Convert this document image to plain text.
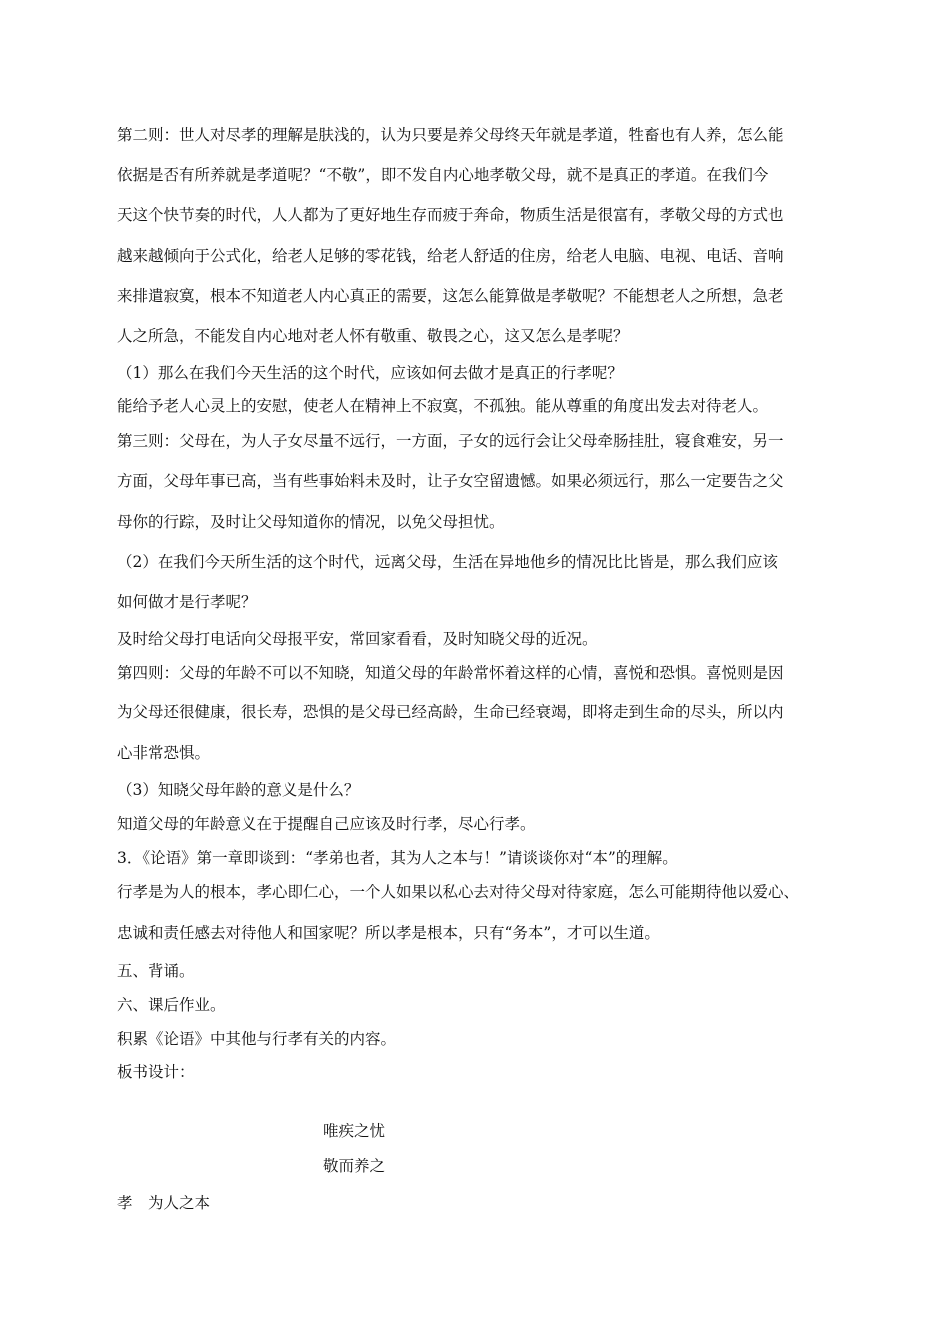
第二则：世人对尽孝的理解是肤浅的，认为只要是养父母终天年就是孝道，牲畜也有人养，怎么能
依据是否有所养就是孝道呢？“不敬”，即不发自内心地孝敬父母，就不是真正的孝道。在我们今
天这个快节奏的时代，人人都为了更好地生存而疲于奔命，物质生活是很富有，孝敬父母的方式也
越来越倾向于公式化，给老人足够的零花钱，给老人舒适的住房，给老人电脑、电视、电话、音响
来排遣寂寞，根本不知道老人内心真正的需要，这怎么能算做是孝敬呢？不能想老人之所想，急老
人之所急，不能发自内心地对老人怀有敬重、敬畏之心，这又怎么是孝呢？
（1）那么在我们今天生活的这个时代，应该如何去做才是真正的行孝呢？
能给予老人心灵上的安慰，使老人在精神上不寂寞，不孤独。能从尊重的角度出发去对待老人。
第三则：父母在，为人子女尽量不远行，一方面，子女的远行会让父母牵肠挂肚，寝食难安，另一
方面，父母年事已高，当有些事始料未及时，让子女空留遗憾。如果必须远行，那么一定要告之父
母你的行踪，及时让父母知道你的情况，以免父母担忧。
（2）在我们今天所生活的这个时代，远离父母，生活在异地他乡的情况比比皆是，那么我们应该
如何做才是行孝呢？
及时给父母打电话向父母报平安，常回家看看，及时知晓父母的近况。
第四则：父母的年龄不可以不知晓，知道父母的年龄常怀着这样的心情，喜悦和恐惧。喜悦则是因
为父母还很健康，很长寿，恐惧的是父母已经高龄，生命已经衰竭，即将走到生命的尽头，所以内
心非常恐惧。
（3）知晓父母年龄的意义是什么？
知道父母的年龄意义在于提醒自己应该及时行孝，尽心行孝。
3．《论语》第一章即谈到：“孝弟也者，其为人之本与！”请谈谈你对“本”的理解。
行孝是为人的根本，孝心即仁心，一个人如果以私心去对待父母对待家庭，怎么可能期待他以爱心、
忠诚和责任感去对待他人和国家呢？所以孝是根本，只有“务本”，才可以生道。
五、背诵。
六、课后作业。
积累《论语》中其他与行孝有关的内容。
板书设计：
唯疾之忧
敬而养之
孝　为人之本
